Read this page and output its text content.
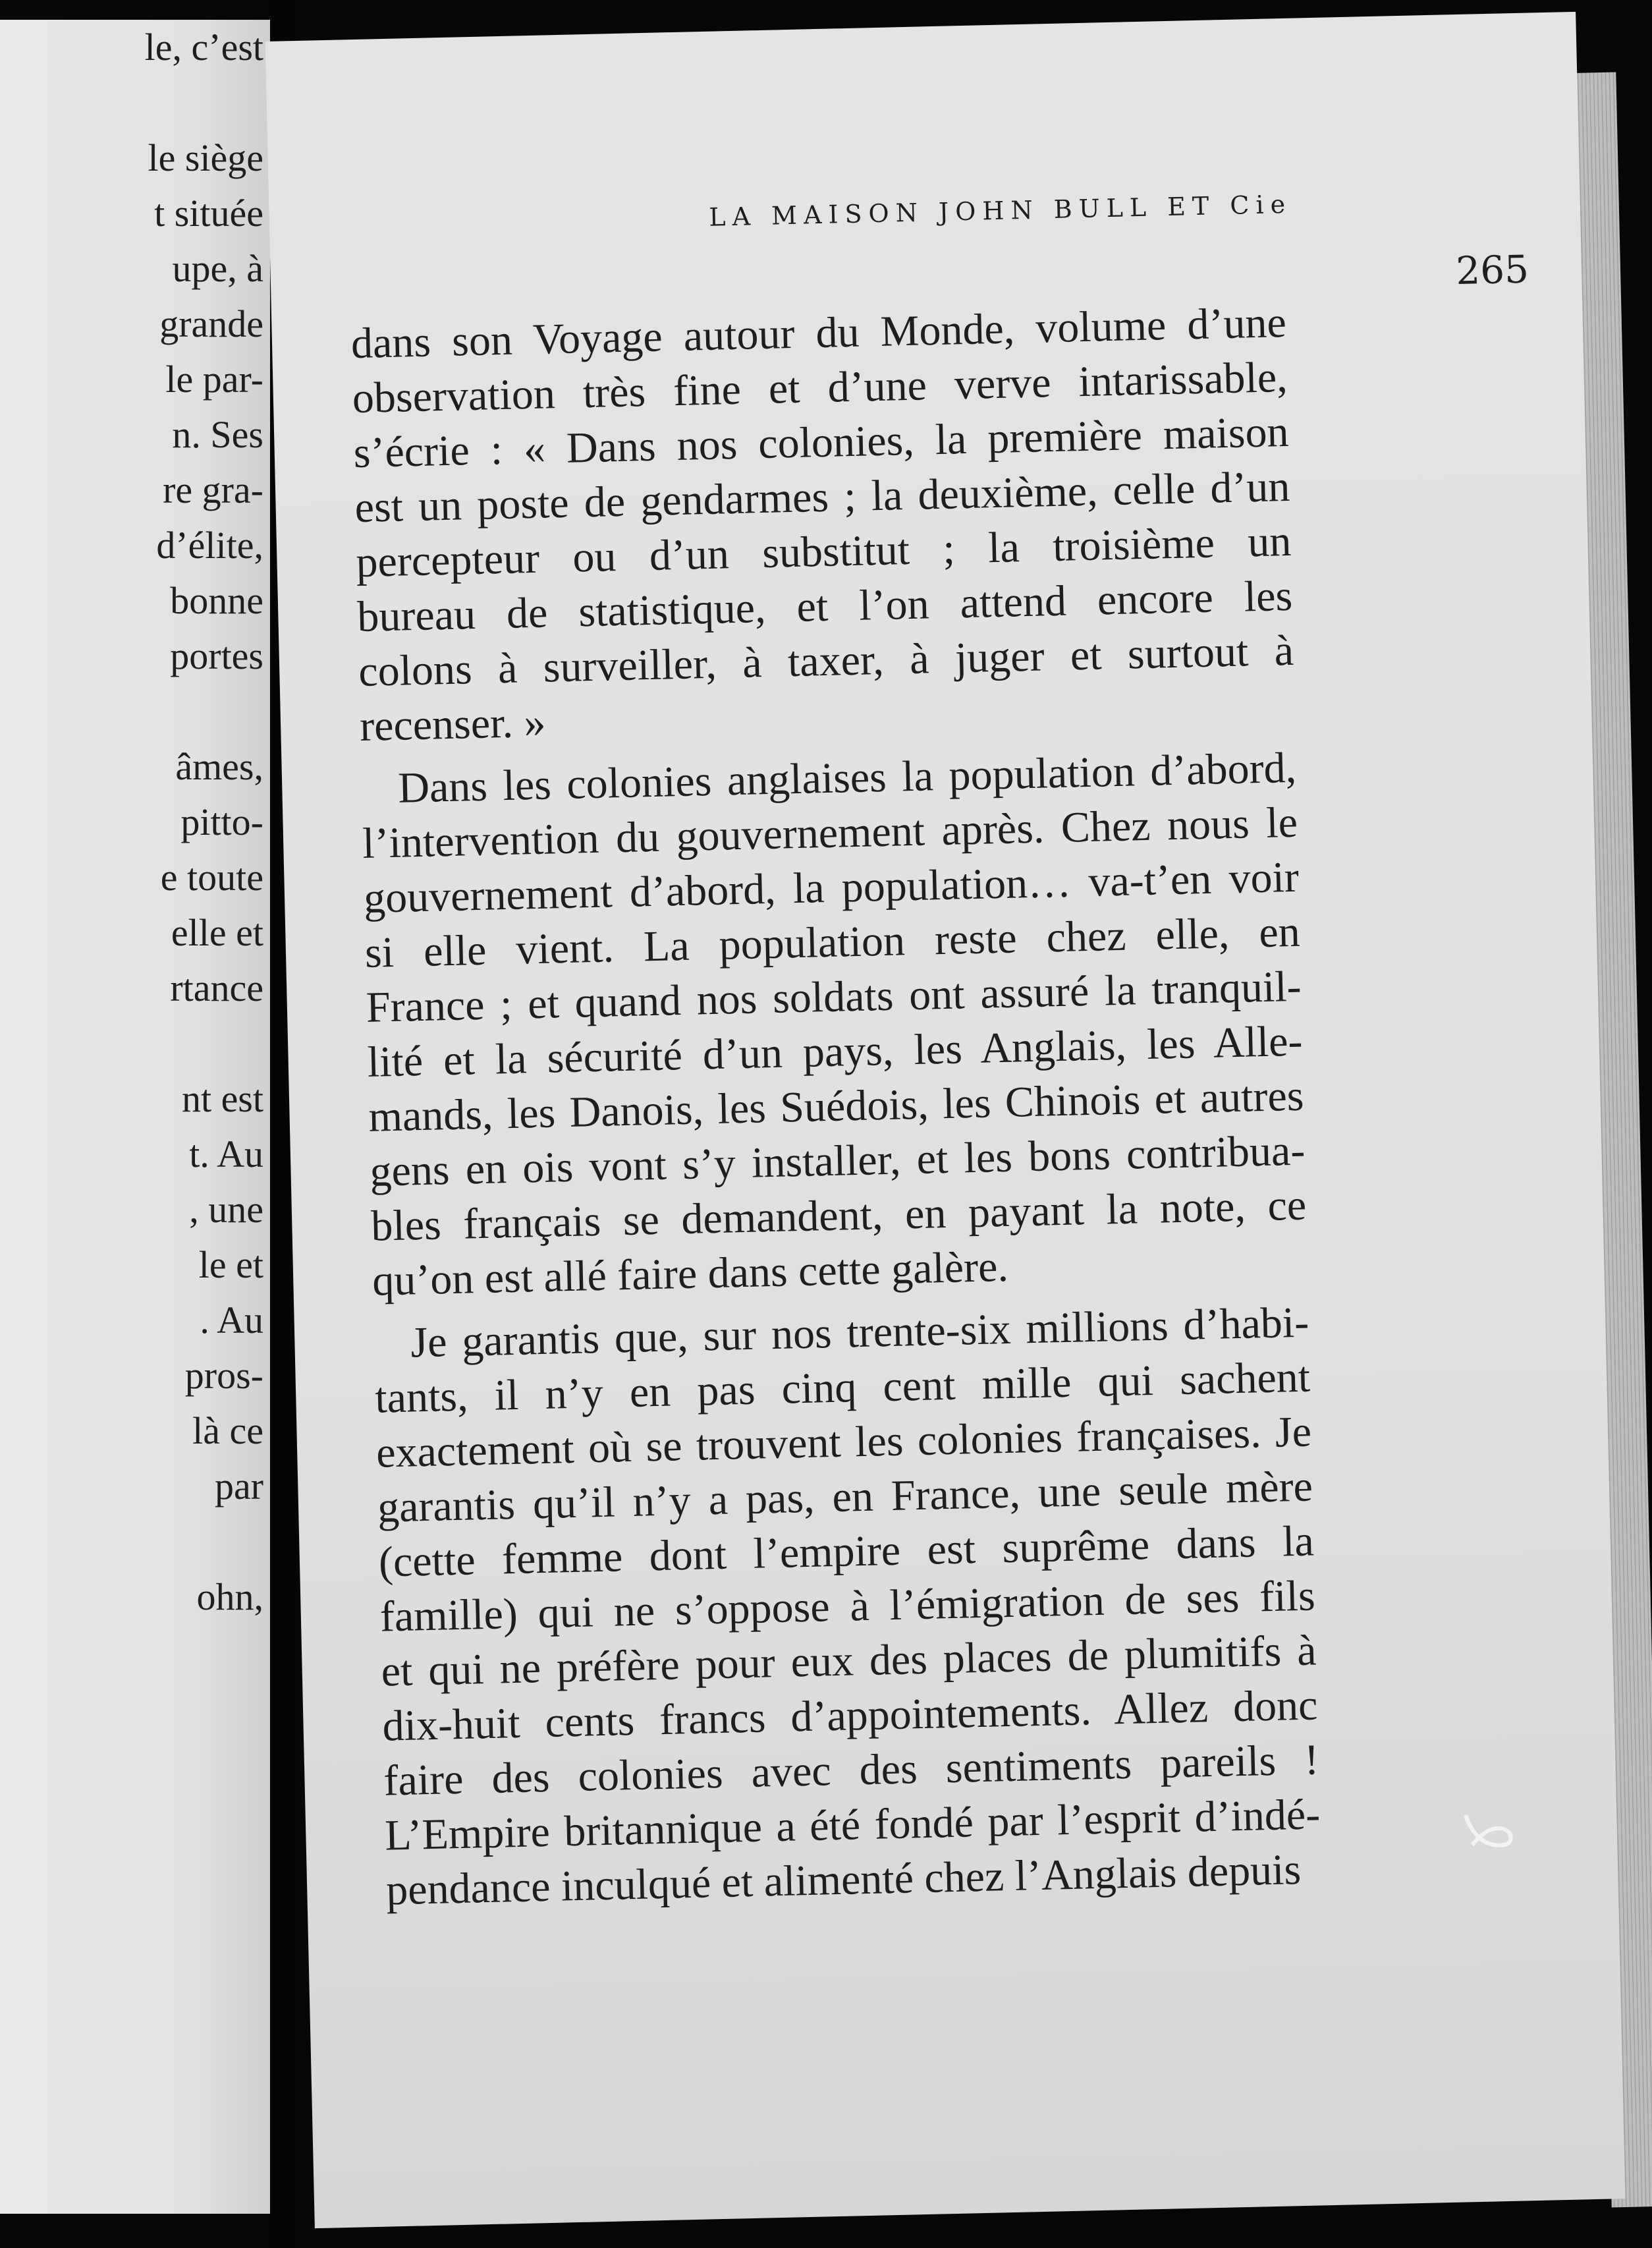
le, c’est
le siège
t située
upe, à
grande
le par-
n. Ses
re gra-
d’élite,
bonne
portes
âmes,
pitto-
e toute
elle et
rtance
nt est
t. Au
, une
le et
. Au
pros-
là ce
par
ohn,
LA MAISON JOHN BULL ET Cie
265
dans son Voyage autour du Monde, volume d’une
observation très fine et d’une verve intarissable,
s’écrie : « Dans nos colonies, la première maison
est un poste de gendarmes ; la deuxième, celle d’un
percepteur ou d’un substitut ; la troisième un
bureau de statistique, et l’on attend encore les
colons à surveiller, à taxer, à juger et surtout à
recenser. »
Dans les colonies anglaises la population d’abord,
l’intervention du gouvernement après. Chez nous le
gouvernement d’abord, la population… va-t’en voir
si elle vient. La population reste chez elle, en
France ; et quand nos soldats ont assuré la tranquil-
lité et la sécurité d’un pays, les Anglais, les Alle-
mands, les Danois, les Suédois, les Chinois et autres
gens en ois vont s’y installer, et les bons contribua-
bles français se demandent, en payant la note, ce
qu’on est allé faire dans cette galère.
Je garantis que, sur nos trente-six millions d’habi-
tants, il n’y en pas cinq cent mille qui sachent
exactement où se trouvent les colonies françaises. Je
garantis qu’il n’y a pas, en France, une seule mère
(cette femme dont l’empire est suprême dans la
famille) qui ne s’oppose à l’émigration de ses fils
et qui ne préfère pour eux des places de plumitifs à
dix-huit cents francs d’appointements. Allez donc
faire des colonies avec des sentiments pareils !
L’Empire britannique a été fondé par l’esprit d’indé-
pendance inculqué et alimenté chez l’Anglais depuis
